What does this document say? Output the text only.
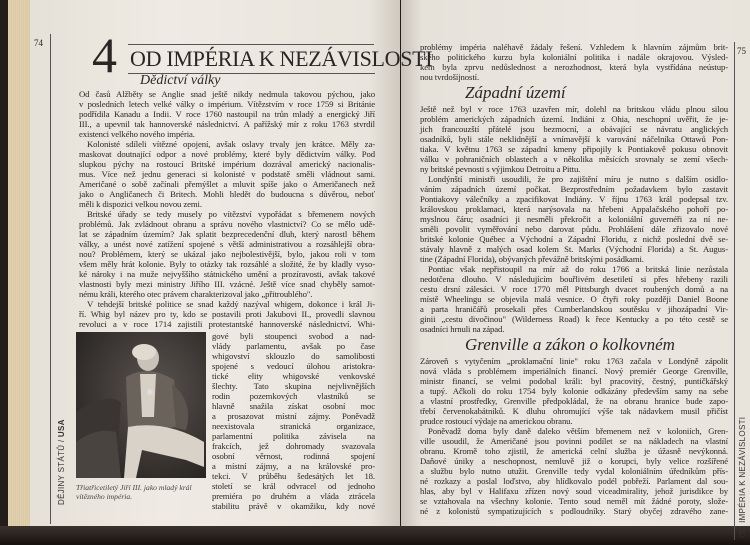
74
DĚJINY STÁTŮ / USA
4 OD IMPÉRIA K NEZÁVISLOSTI
Dědictví války
Od časů Alžběty se Anglie snad ještě nikdy nedmula takovou pýchou, jako
v posledních letech velké války o impérium. Vítězstvím v roce 1759 si Británie
podřídila Kanadu a Indii. V roce 1760 nastoupil na trůn mladý a energický Jiří
III., a upevnil tak hannoverské následnictví. A pařížský mír z roku 1763 stvrdil
existenci velkého nového impéria.
Kolonisté sdíleli vítězné opojení, avšak oslavy trvaly jen krátce. Měly za-
maskovat doutnající odpor a nové problémy, které byly dědictvím války. Pod
slupkou pýchy na rostoucí Britské impérium dozrával americký nacionalis-
mus. Více než jednu generaci si kolonisté v podstatě směli vládnout sami.
Američané o sobě začínali přemýšlet a mluvit spíše jako o Američanech než
jako o Angličanech či Britech. Mohli hledět do budoucna s důvěrou, neboť
měli k dispozici velkou novou zemi.
Britské úřady se tedy musely po vítězství vypořádat s břemenem nových
problémů. Jak zvládnout obranu a správu nového vlastnictví? Co se mělo udě-
lat se západním územím? Jak splatit bezprecedenční dluh, který narostl během
války, a unést nové zatížení spojené s větší administrativou a rozsáhlejší obra-
nou? Problémem, který se ukázal jako nejbolestivější, bylo, jakou roli v tom
všem měly hrát kolonie. Byly to otázky tak rozsáhlé a složité, že by kladly vyso-
ké nároky i na muže nejvyššího státnického umění a prozíravosti, avšak takové
vlastnosti byly mezi ministry Jiřího III. vzácné. Ještě více snad chyběly samot-
nému králi, kterého otec právem charakterizoval jako „přitroublého".
V tehdejší britské politice se snad každý nazýval whigem, dokonce i král Ji-
ří. Whig byl název pro ty, kdo se postavili proti Jakubovi II., provedli slavnou
revoluci a v roce 1714 zajistili protestantské hannoverské následnictví. Whi-
gové byli stoupenci svobod a nad-
vlády parlamentu, avšak po čase
whigovství sklouzlo do samolibosti
spojené s vedoucí úlohou aristokra-
tické elity whigovské venkovské
šlechty. Tato skupina nejvlivnějších
rodin pozemkových vlastníků se
hlavně snažila získat osobní moc
a prosazovat místní zájmy. Poněvadž
neexistovala stranická organizace,
parlamentní politika závisela na
frakcích, jež dohromady svazovala
osobní věrnost, rodinná spojení
a místní zájmy, a na královské pro-
tekci. V průběhu šedesátých let 18.
století se král odvracel od jednoho
premiéra po druhém a vláda ztrácela
stabilitu právě v okamžiku, kdy nové
Třiatřicetiletý Jiří III. jako mladý král
vítězného impéria.
75
OD IMPÉRIA K NEZÁVISLOSTI
problémy impéria naléhavě žádaly řešení. Vzhledem k hlavním zájmům brit-
ského politického kurzu byla koloniální politika i nadále okrajovou. Výsled-
kem byla zprvu nedůslednost a nerozhodnost, která byla vystřídána neústup-
nou tvrdošíjností.
Západní území
Ještě než byl v roce 1763 uzavřen mír, dolehl na britskou vládu plnou silou
problém amerických západních území. Indiáni z Ohia, neschopní uvěřit, že je-
jich francouzští přátelé jsou bezmocní, a obávající se návratu anglických
osadníků, byli stále neklidnější a vnímavější k varování náčelníka Ottawů Pon-
tiaka. V květnu 1763 se západní kmeny připojily k Pontiakově pokusu obnovit
válku v pohraničních oblastech a v několika měsících srovnaly se zemí všech-
ny britské pevnosti s výjimkou Detroitu a Pittu.
Londýnští ministři usoudili, že pro zajištění míru je nutno s dalším osidlo-
váním západních území počkat. Bezprostředním požadavkem bylo zastavit
Pontiakovy válečníky a zpacifikovat Indiány. V říjnu 1763 král podepsal tzv.
královskou proklamaci, která narýsovala na hřebeni Appalačského pohoří po-
myslnou čáru; osadníci ji nesměli překročit a koloniální guvernéři za ní ne-
směli povolit vyměřování nebo darovat půdu. Prohlášení dále zřizovalo nové
britské kolonie Québec a Východní a Západní Floridu, z nichž poslední dvě se-
stávaly hlavně z malých osad kolem St. Marks (Východní Florida) a St. Augus-
tine (Západní Florida), obývaných převážně britskými posádkami.
Pontiac však nepřistoupil na mír až do roku 1766 a britská linie nezůstala
nedotčena dlouho. V následujícím bouřlivém desetiletí si přes hřebeny razili
cestu drsní zálesáci. V roce 1770 měl Pittsburgh dvacet roubených domů a na
místě Wheelingu se objevila malá vesnice. O čtyři roky později Daniel Boone
a parta hraničářů prosekali přes Cumberlandskou soutěsku v jihozápadní Vir-
ginii „cestu divočinou" (Wilderness Road) k řece Kentucky a po této cestě se
osadníci hrnuli na západ.
Grenville a zákon o kolkovném
Zároveň s vytyčením „proklamační linie" roku 1763 začala v Londýně zápolit
nová vláda s problémem imperiálních financí. Nový premiér George Grenville,
ministr financí, se velmi podobal králi: byl pracovitý, čestný, puntičkářský
a tupý. Ačkoli do roku 1754 byly kolonie odkázány především samy na sebe
a vlastní prostředky, Grenville předpokládal, že na obranu hranice bude zapo-
třebí červenokabátníků. K dluhu ohromující výše tak nádavkem musil přičíst
prudce rostoucí výdaje na americkou obranu.
Poněvadž doma byly daně daleko větším břemenem než v koloniích, Gren-
ville usoudil, že Američané jsou povinni podílet se na nákladech na vlastní
obranu. Kromě toho zjistil, že americká celní služba je úžasně nevýkonná.
Daňové úniky a neschopnost, nemluvě již o korupci, byly velice rozšířené
a službu bylo nutno utužit. Grenville tedy vydal koloniálním úředníkům přís-
né rozkazy a poslal loďstvo, aby hlídkovalo podél pobřeží. Parlament dal sou-
hlas, aby byl v Halifaxu zřízen nový soud viceadmirality, jehož jurisdikce by
se vztahovala na všechny kolonie. Tento soud neměl mít žádné poroty, slože-
né z kolonistů sympatizujících s podloudníky. Starý obyčej zdravého zane-
